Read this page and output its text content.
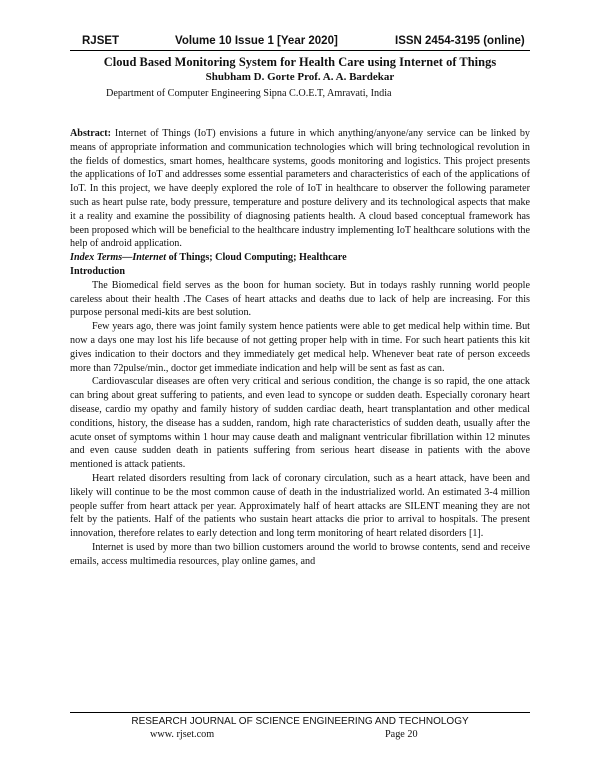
RJSET	Volume 10 Issue 1 [Year 2020]	ISSN 2454-3195 (online)
Cloud Based Monitoring System for Health Care using Internet of Things
Shubham D. Gorte Prof. A. A. Bardekar
Department of Computer Engineering Sipna C.O.E.T, Amravati, India

Abstract: Internet of Things (IoT) envisions a future in which anything/anyone/any service can be linked by means of appropriate information and communication technologies which will bring technological revolution in the fields of domestics, smart homes, healthcare systems, goods monitoring and logistics. This project presents the applications of IoT and addresses some essential parameters and characteristics of each of the applications of IoT. In this project, we have deeply explored the role of IoT in healthcare to observer the following parameter such as heart pulse rate, body pressure, temperature and posture delivery and its technological aspects that make it a reality and examine the possibility of diagnosing patients health. A cloud based conceptual framework has been proposed which will be beneficial to the healthcare industry implementing IoT healthcare solutions with the help of android application.

Index Terms—Internet of Things; Cloud Computing; Healthcare

Introduction

The Biomedical field serves as the boon for human society. But in todays rashly running world people careless about their health .The Cases of heart attacks and deaths due to lack of help are increasing. For this purpose personal medi-kits are best solution.

Few years ago, there was joint family system hence patients were able to get medical help within time. But now a days one may lost his life because of not getting proper help with in time. For such heart patients this kit gives indication to their doctors and they immediately get medical help. Whenever beat rate of person exceeds more than 72pulse/min., doctor get immediate indication and help will be sent as fast as can.

Cardiovascular diseases are often very critical and serious condition, the change is so rapid, the one attack can bring about great suffering to patients, and even lead to syncope or sudden death. Especially coronary heart disease, cardio my opathy and family history of sudden cardiac death, heart transplantation and other medical conditions, history, the disease has a sudden, random, high rate characteristics of sudden death, usually after the acute onset of symptoms within 1 hour may cause death and malignant ventricular fibrillation within 12 minutes and even cause sudden death in patients suffering from serious heart disease in patients with the above mentioned is attack patients.

Heart related disorders resulting from lack of coronary circulation, such as a heart attack, have been and likely will continue to be the most common cause of death in the industrialized world. An estimated 3-4 million people suffer from heart attack per year. Approximately half of heart attacks are SILENT meaning they are not felt by the patients. Half of the patients who sustain heart attacks die prior to arrival to hospitals. The present innovation, therefore relates to early detection and long term monitoring of heart related disorders [1].

Internet is used by more than two billion customers around the world to browse contents, send and receive emails, access multimedia resources, play online games, and

RESEARCH JOURNAL OF SCIENCE ENGINEERING AND TECHNOLOGY
www. rjset.com	Page 20
